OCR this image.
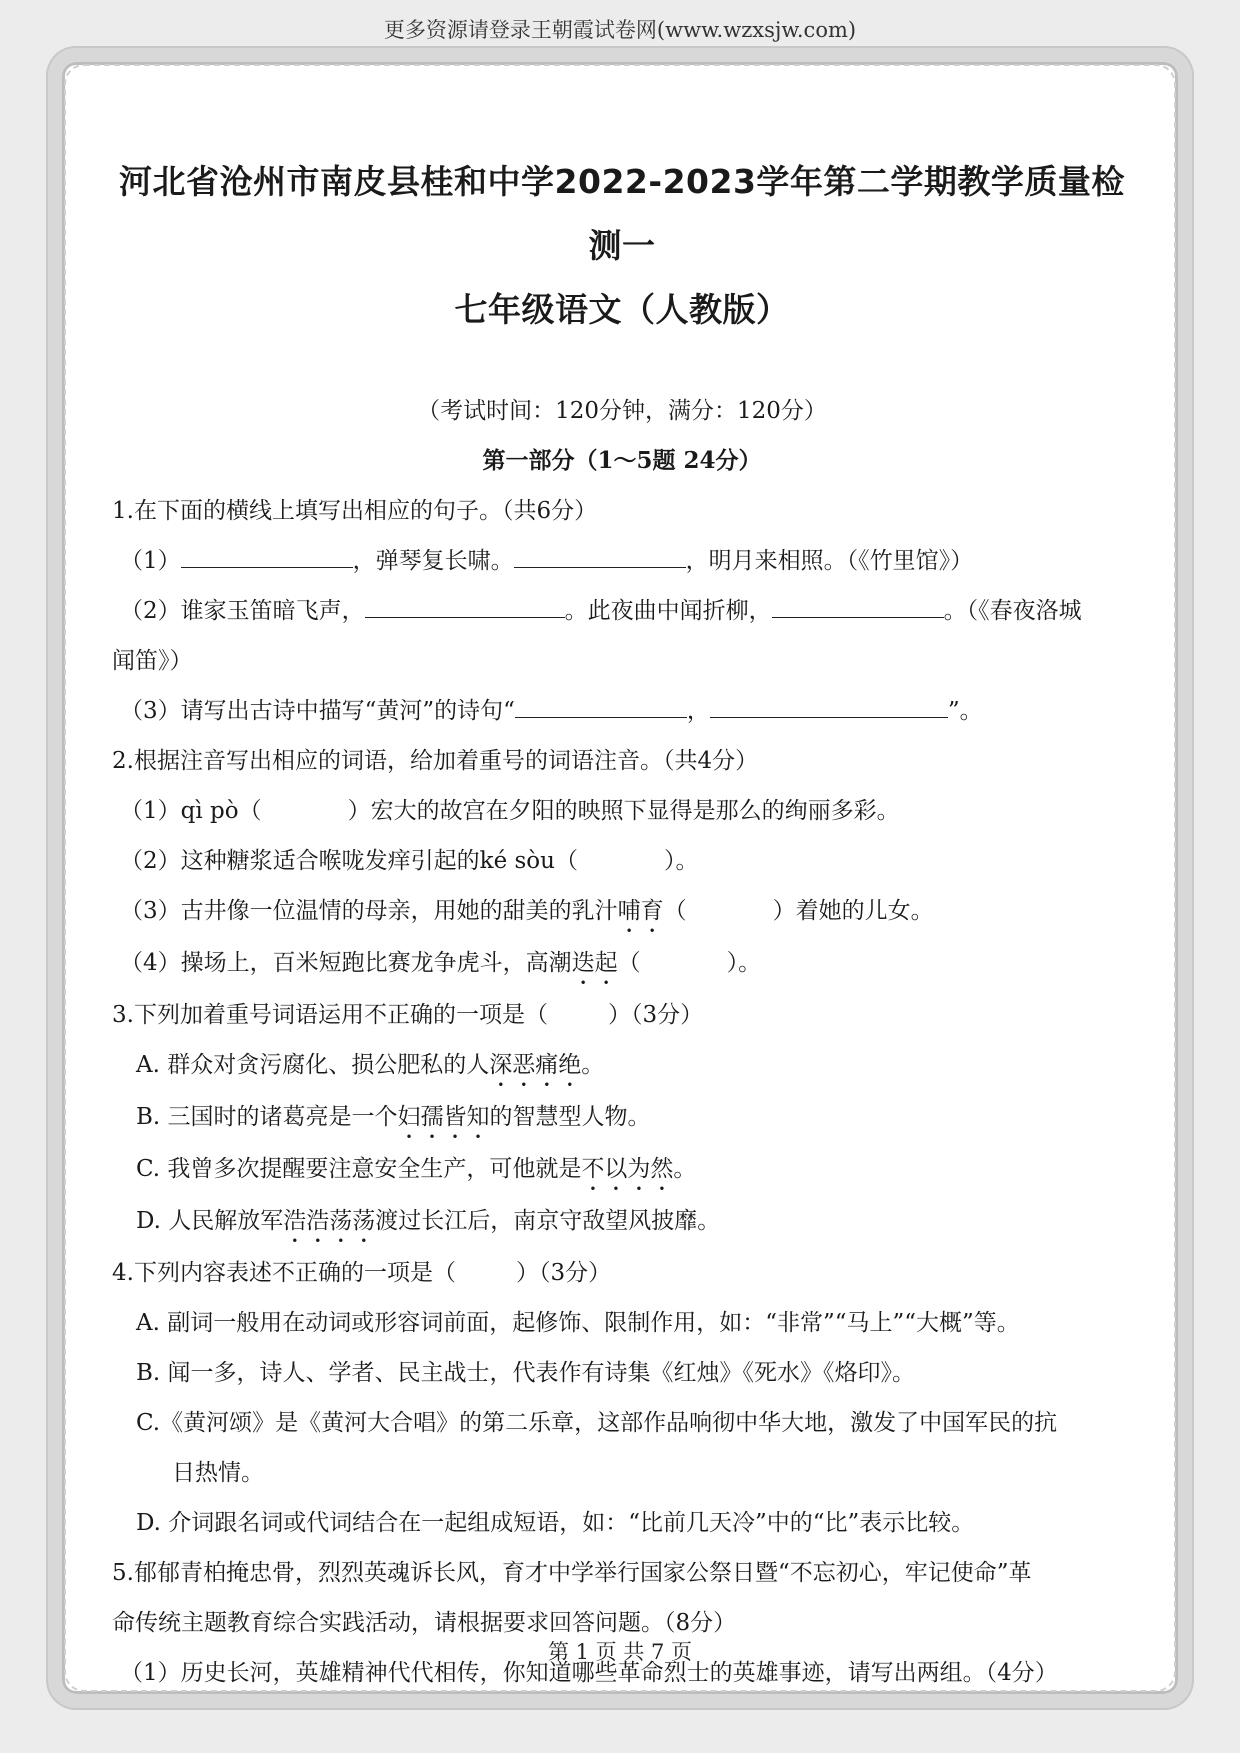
更多资源请登录王朝霞试卷网(www.wzxsjw.com)
河北省沧州市南皮县桂和中学2022-2023学年第二学期教学质量检测一
七年级语文（人教版）
（考试时间：120分钟，满分：120分）
第一部分（1～5题 24分）
1.在下面的横线上填写出相应的句子。（共6分）
（1）	，弹琴复长啸。	，明月来相照。（《竹里馆》）
（2）谁家玉笛暗飞声，	。此夜曲中闻折柳，	。（《春夜洛城
闻笛》）
（3）请写出古诗中描写“黄河”的诗句“	，	”。
2.根据注音写出相应的词语，给加着重号的词语注音。（共4分）
（1）qì pò（	）宏大的故宫在夕阳的映照下显得是那么的绚丽多彩。
（2）这种糖浆适合喉咙发痒引起的ké sòu（	）。
（3）古井像一位温情的母亲，用她的甜美的乳汁哺育（	）着她的儿女。
（4）操场上，百米短跑比赛龙争虎斗，高潮迭起（	）。
3.下列加着重号词语运用不正确的一项是（	）（3分）
A. 群众对贪污腐化、损公肥私的人深恶痛绝。
B. 三国时的诸葛亮是一个妇孺皆知的智慧型人物。
C. 我曾多次提醒要注意安全生产，可他就是不以为然。
D. 人民解放军浩浩荡荡渡过长江后，南京守敌望风披靡。
4.下列内容表述不正确的一项是（	）（3分）
A. 副词一般用在动词或形容词前面，起修饰、限制作用，如：“非常”“马上”“大概”等。
B. 闻一多，诗人、学者、民主战士，代表作有诗集《红烛》《死水》《烙印》。
C.《黄河颂》是《黄河大合唱》的第二乐章，这部作品响彻中华大地，激发了中国军民的抗
日热情。
D. 介词跟名词或代词结合在一起组成短语，如：“比前几天冷”中的“比”表示比较。
5.郁郁青柏掩忠骨，烈烈英魂诉长风，育才中学举行国家公祭日暨“不忘初心，牢记使命”革
命传统主题教育综合实践活动，请根据要求回答问题。（8分）
（1）历史长河，英雄精神代代相传，你知道哪些革命烈士的英雄事迹，请写出两组。（4分）
第 1 页 共 7 页
